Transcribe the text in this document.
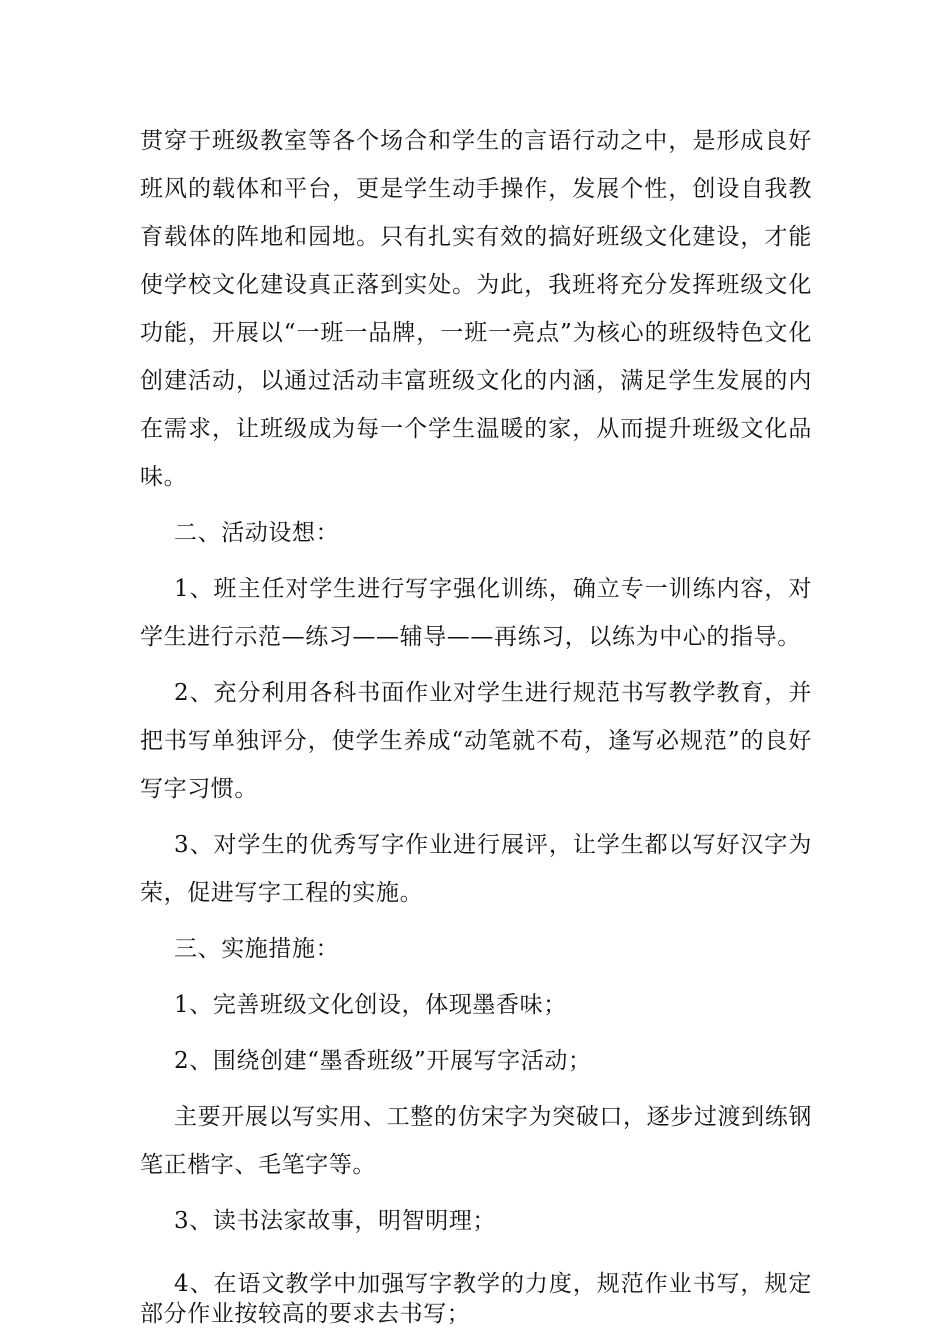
贯穿于班级教室等各个场合和学生的言语行动之中，是形成良好班风的载体和平台，更是学生动手操作，发展个性，创设自我教育载体的阵地和园地。只有扎实有效的搞好班级文化建设，才能使学校文化建设真正落到实处。为此，我班将充分发挥班级文化功能，开展以“一班一品牌，一班一亮点”为核心的班级特色文化创建活动，以通过活动丰富班级文化的内涵，满足学生发展的内在需求，让班级成为每一个学生温暖的家，从而提升班级文化品味。

二、活动设想：

1、班主任对学生进行写字强化训练，确立专一训练内容，对学生进行示范—练习——辅导——再练习，以练为中心的指导。

2、充分利用各科书面作业对学生进行规范书写教学教育，并把书写单独评分，使学生养成“动笔就不苟，逢写必规范”的良好写字习惯。

3、对学生的优秀写字作业进行展评，让学生都以写好汉字为荣，促进写字工程的实施。

三、实施措施：

1、完善班级文化创设，体现墨香味；

2、围绕创建“墨香班级”开展写字活动；

主要开展以写实用、工整的仿宋字为突破口，逐步过渡到练钢笔正楷字、毛笔字等。

3、读书法家故事，明智明理；

4、在语文教学中加强写字教学的力度，规范作业书写，规定部分作业按较高的要求去书写；
